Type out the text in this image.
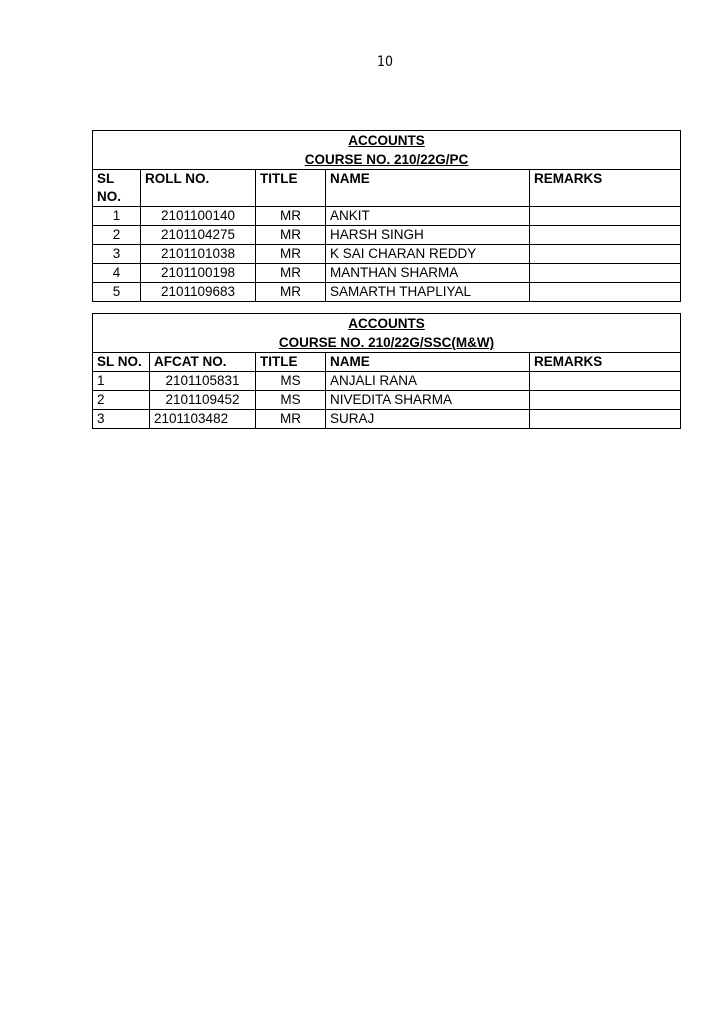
10
ACCOUNTS
COURSE NO. 210/22G/PC				

SL NO.	ROLL NO.	TITLE	NAME	REMARKS
1	2101100140	MR	ANKIT	
2	2101104275	MR	HARSH SINGH	
3	2101101038	MR	K SAI CHARAN REDDY	
4	2101100198	MR	MANTHAN SHARMA	
5	2101109683	MR	SAMARTH THAPLIYAL	
ACCOUNTS
COURSE NO. 210/22G/SSC(M&W)				

SL NO.	AFCAT NO.	TITLE	NAME	REMARKS
1	2101105831	MS	ANJALI RANA	
2	2101109452	MS	NIVEDITA SHARMA	
3	2101103482	MR	SURAJ	
